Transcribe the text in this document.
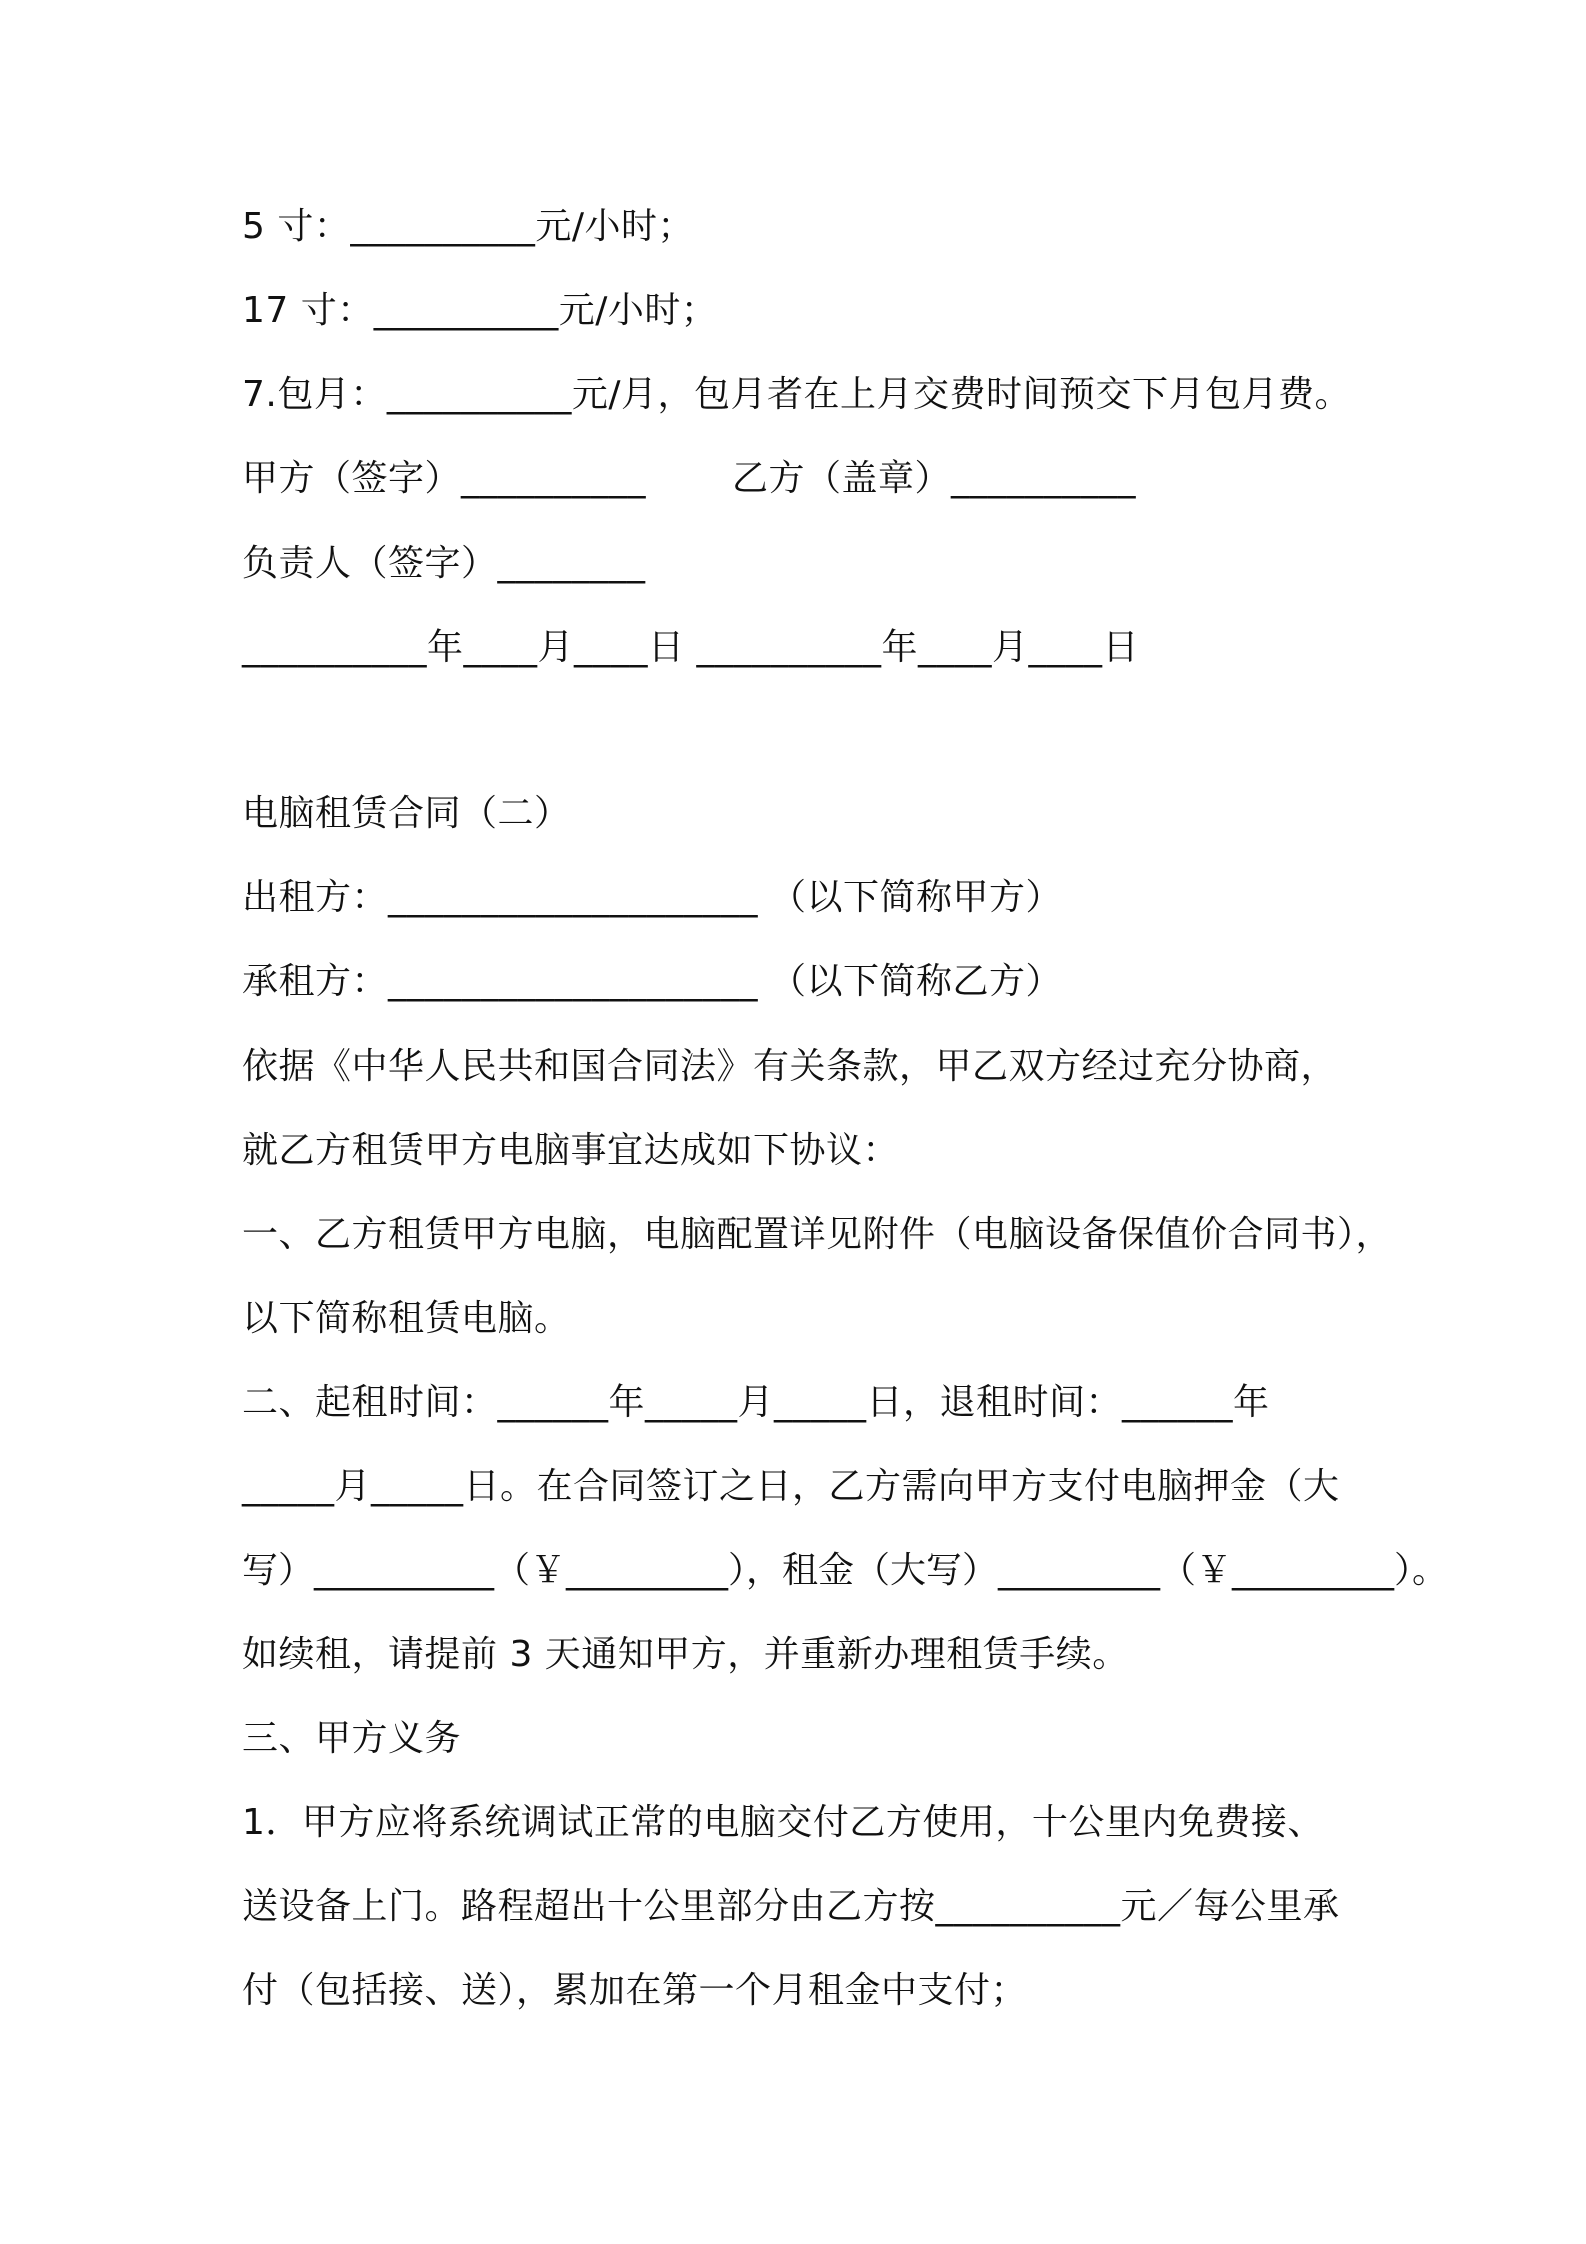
5 寸：__________元/小时；
17 寸：__________元/小时；
7.包月：__________元/月，包月者在上月交费时间预交下月包月费。
甲方（签字）__________ 乙方（盖章）__________
负责人（签字）________
__________年____月____日 __________年____月____日
电脑租赁合同（二）
出租方：____________________ （以下简称甲方）
承租方：____________________ （以下简称乙方）
依据《中华人民共和国合同法》有关条款，甲乙双方经过充分协商，
就乙方租赁甲方电脑事宜达成如下协议：
一、乙方租赁甲方电脑，电脑配置详见附件（电脑设备保值价合同书），
以下简称租赁电脑。
二、起租时间：______年_____月_____日，退租时间：______年
_____月_____日。在合同签订之日，乙方需向甲方支付电脑押金（大
写）__________（￥_________），租金（大写）_________（￥_________）。
如续租，请提前 3 天通知甲方，并重新办理租赁手续。
三、甲方义务
1．甲方应将系统调试正常的电脑交付乙方使用，十公里内免费接、
送设备上门。路程超出十公里部分由乙方按__________元／每公里承
付（包括接、送），累加在第一个月租金中支付；
